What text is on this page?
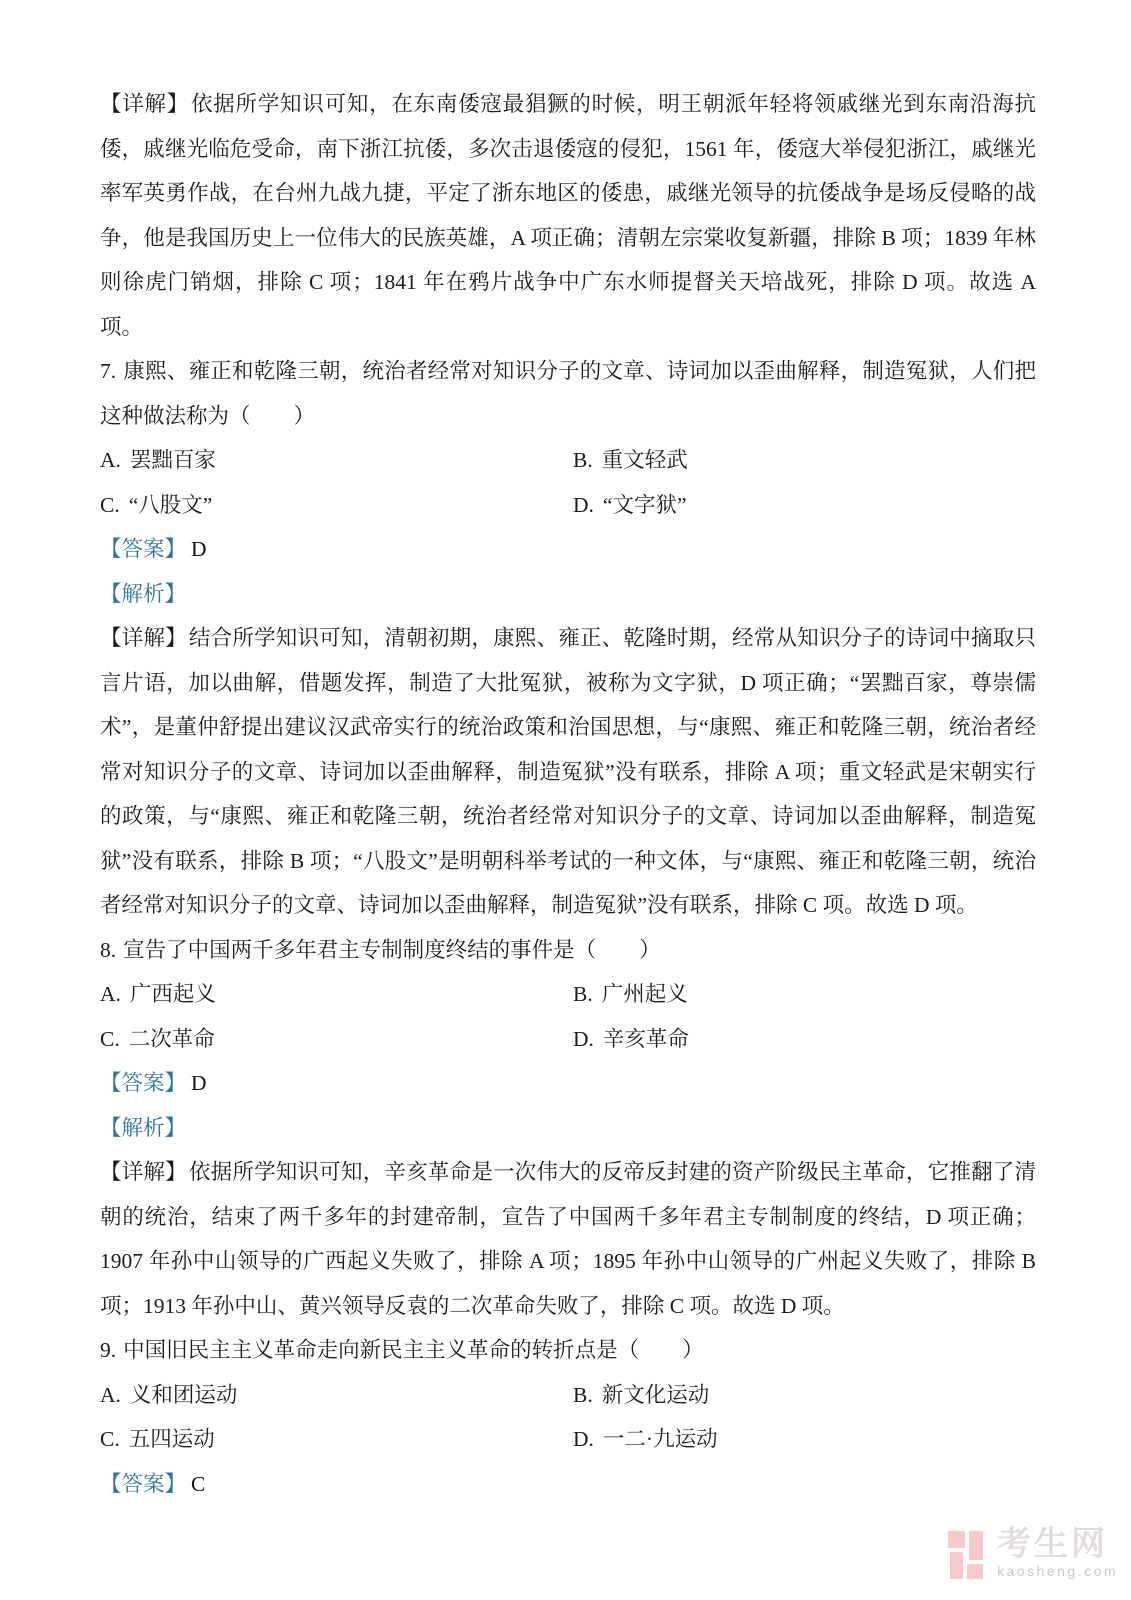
【详解】依据所学知识可知，在东南倭寇最猖獗的时候，明王朝派年轻将领戚继光到东南沿海抗倭，戚继光临危受命，南下浙江抗倭，多次击退倭寇的侵犯，1561 年，倭寇大举侵犯浙江，戚继光率军英勇作战，在台州九战九捷，平定了浙东地区的倭患，戚继光领导的抗倭战争是场反侵略的战争，他是我国历史上一位伟大的民族英雄，A 项正确；清朝左宗棠收复新疆，排除 B 项；1839 年林则徐虎门销烟，排除 C 项；1841 年在鸦片战争中广东水师提督关天培战死，排除 D 项。故选 A 项。

7. 康熙、雍正和乾隆三朝，统治者经常对知识分子的文章、诗词加以歪曲解释，制造冤狱，人们把这种做法称为（　　）

A. 罢黜百家	B. 重文轻武
C. “八股文”	D. “文字狱”

【答案】 D

【解析】

【详解】结合所学知识可知，清朝初期，康熙、雍正、乾隆时期，经常从知识分子的诗词中摘取只言片语，加以曲解，借题发挥，制造了大批冤狱，被称为文字狱，D 项正确；“罢黜百家，尊崇儒术”，是董仲舒提出建议汉武帝实行的统治政策和治国思想，与“康熙、雍正和乾隆三朝，统治者经常对知识分子的文章、诗词加以歪曲解释，制造冤狱”没有联系，排除 A 项；重文轻武是宋朝实行的政策，与“康熙、雍正和乾隆三朝，统治者经常对知识分子的文章、诗词加以歪曲解释，制造冤狱”没有联系，排除 B 项；“八股文”是明朝科举考试的一种文体，与“康熙、雍正和乾隆三朝，统治者经常对知识分子的文章、诗词加以歪曲解释，制造冤狱”没有联系，排除 C 项。故选 D 项。

8. 宣告了中国两千多年君主专制制度终结的事件是（　　）

A. 广西起义	B. 广州起义
C. 二次革命	D. 辛亥革命

【答案】 D

【解析】

【详解】依据所学知识可知，辛亥革命是一次伟大的反帝反封建的资产阶级民主革命，它推翻了清朝的统治，结束了两千多年的封建帝制，宣告了中国两千多年君主专制制度的终结，D 项正确；1907 年孙中山领导的广西起义失败了，排除 A 项；1895 年孙中山领导的广州起义失败了，排除 B 项；1913 年孙中山、黄兴领导反袁的二次革命失败了，排除 C 项。故选 D 项。

9. 中国旧民主主义革命走向新民主主义革命的转折点是（　　）

A. 义和团运动	B. 新文化运动
C. 五四运动	D. 一二·九运动

【答案】 C

考生网
kaosheng.com
